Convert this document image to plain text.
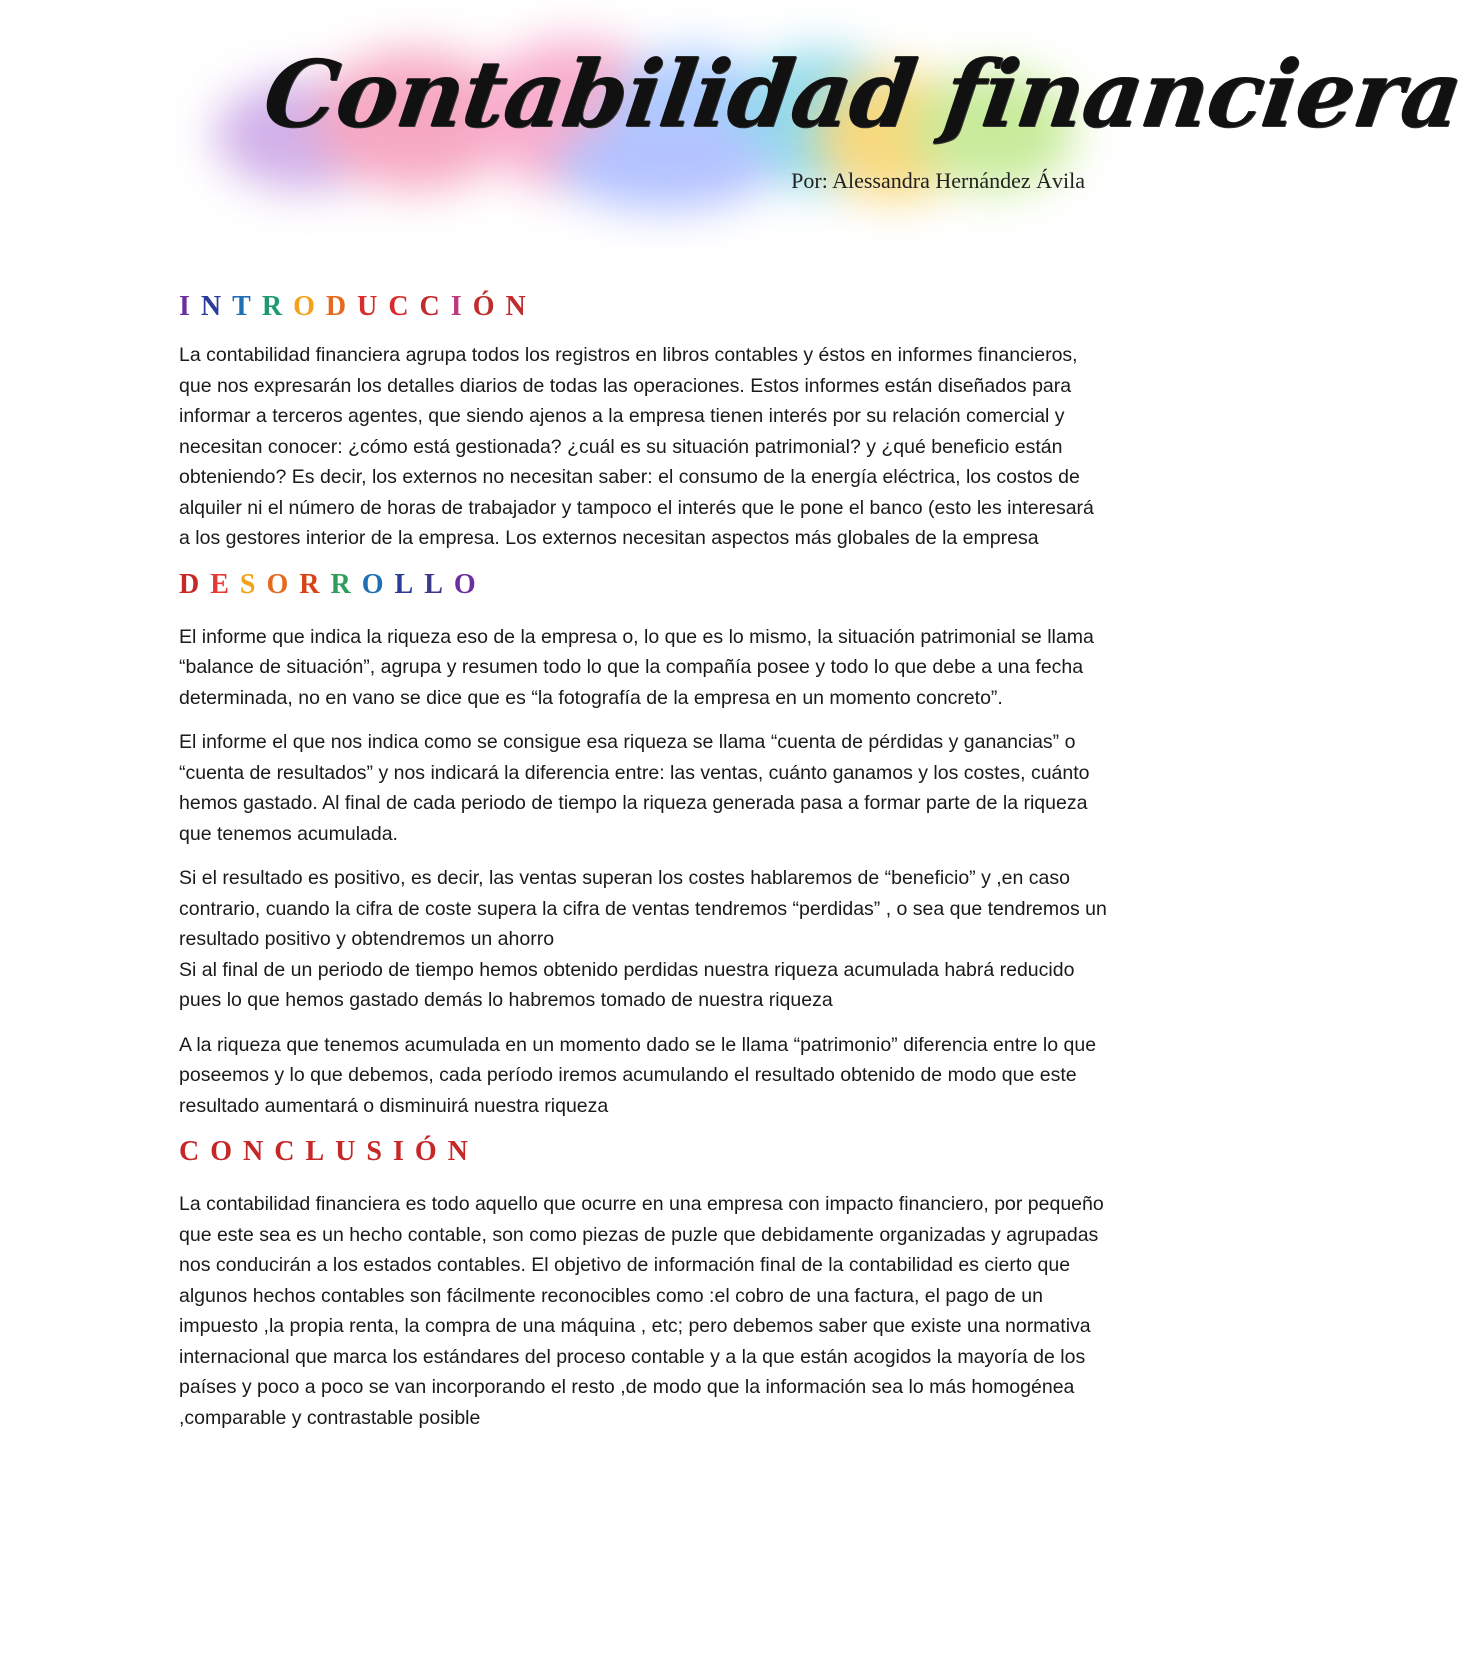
Contabilidad financiera
Por: Alessandra Hernández Ávila
INTRODUCCIÓN

La contabilidad financiera agrupa todos los registros en libros contables y éstos en informes financieros, que nos expresarán los detalles diarios de todas las operaciones. Estos informes están diseñados para informar a terceros agentes, que siendo ajenos a la empresa tienen interés por su relación comercial y necesitan conocer: ¿cómo está gestionada? ¿cuál es su situación patrimonial? y ¿qué beneficio están obteniendo? Es decir, los externos no necesitan saber: el consumo de la energía eléctrica, los costos de alquiler ni el número de horas de trabajador y tampoco el interés que le pone el banco (esto les interesará a los gestores interior de la empresa. Los externos necesitan aspectos más globales de la empresa

DESORROLLO

El informe que indica la riqueza eso de la empresa o, lo que es lo mismo, la situación patrimonial se llama “balance de situación”, agrupa y resumen todo lo que la compañía posee y todo lo que debe a una fecha determinada, no en vano se dice que es “la fotografía de la empresa en un momento concreto”.

El informe el que nos indica como se consigue esa riqueza se llama “cuenta de pérdidas y ganancias” o “cuenta de resultados” y nos indicará la diferencia entre: las ventas, cuánto ganamos y los costes, cuánto hemos gastado. Al final de cada periodo de tiempo la riqueza generada pasa a formar parte de la riqueza que tenemos acumulada.

Si el resultado es positivo, es decir, las ventas superan los costes hablaremos de “beneficio” y ,en caso contrario, cuando la cifra de coste supera la cifra de ventas tendremos “perdidas” , o sea que tendremos un resultado positivo y obtendremos un ahorro
Si al final de un periodo de tiempo hemos obtenido perdidas nuestra riqueza acumulada habrá reducido pues lo que hemos gastado demás lo habremos tomado de nuestra riqueza

A la riqueza que tenemos acumulada en un momento dado se le llama “patrimonio” diferencia entre lo que poseemos y lo que debemos, cada período iremos acumulando el resultado obtenido de modo que este resultado aumentará o disminuirá nuestra riqueza

CONCLUSIÓN

La contabilidad financiera es todo aquello que ocurre en una empresa con impacto financiero, por pequeño que este sea es un hecho contable, son como piezas de puzle que debidamente organizadas y agrupadas nos conducirán a los estados contables. El objetivo de información final de la contabilidad es cierto que algunos hechos contables son fácilmente reconocibles como :el cobro de una factura, el pago de un impuesto ,la propia renta, la compra de una máquina , etc; pero debemos saber que existe una normativa internacional que marca los estándares del proceso contable y a la que están acogidos la mayoría de los países y poco a poco se van incorporando el resto ,de modo que la información sea lo más homogénea ,comparable y contrastable posible
